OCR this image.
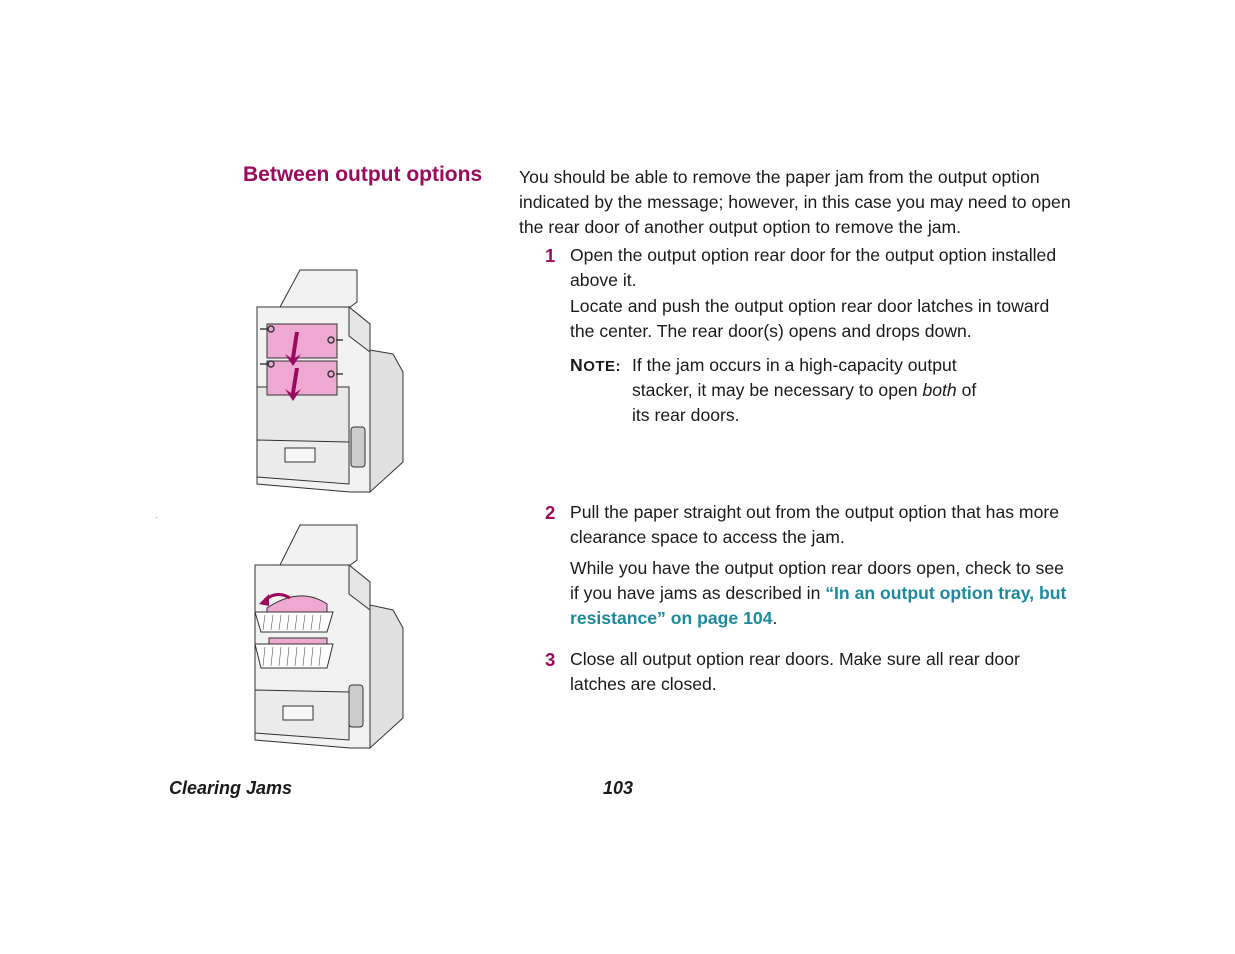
Between output options You should be able to remove the paper jam from the output option indicated by the message; however, in this case you may need to open the rear door of another output option to remove the jam.
1 Open the output option rear door for the output option installed above it.

Locate and push the output option rear door latches in toward the center. The rear door(s) opens and drops down.

NOTE: If the jam occurs in a high-capacity output stacker, it may be necessary to open both of its rear doors.
2 Pull the paper straight out from the output option that has more clearance space to access the jam.

While you have the output option rear doors open, check to see if you have jams as described in “In an output option tray, but resistance” on page 104.

3 Close all output option rear doors. Make sure all rear door latches are closed.

Clearing Jams	103
